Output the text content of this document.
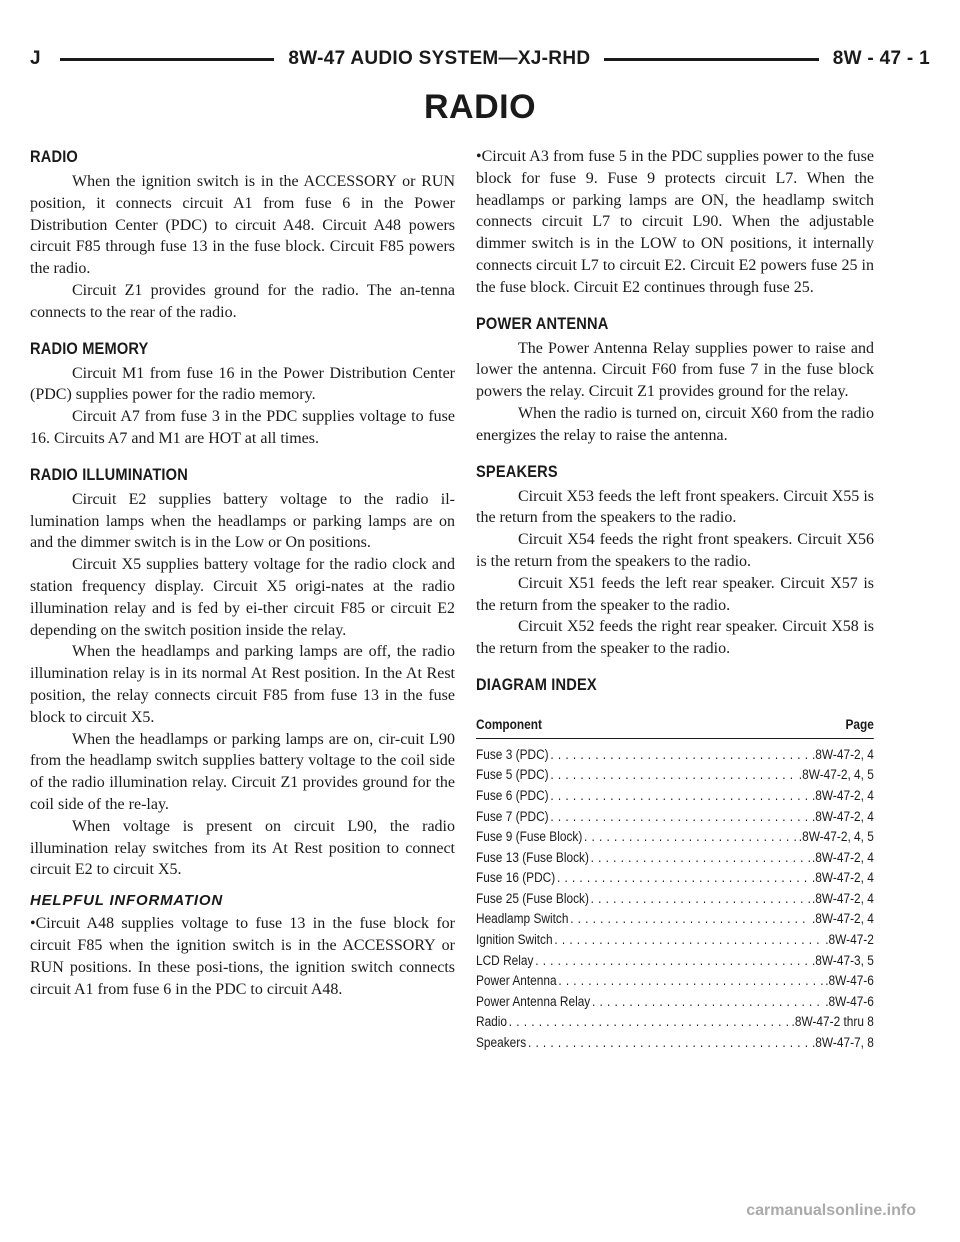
J	8W-47 AUDIO SYSTEM—XJ-RHD	8W - 47 - 1
RADIO
RADIO

When the ignition switch is in the ACCESSORY or RUN position, it connects circuit A1 from fuse 6 in the Power Distribution Center (PDC) to circuit A48. Circuit A48 powers circuit F85 through fuse 13 in the fuse block. Circuit F85 powers the radio.

Circuit Z1 provides ground for the radio. The an-tenna connects to the rear of the radio.

RADIO MEMORY

Circuit M1 from fuse 16 in the Power Distribution Center (PDC) supplies power for the radio memory.

Circuit A7 from fuse 3 in the PDC supplies voltage to fuse 16. Circuits A7 and M1 are HOT at all times.

RADIO ILLUMINATION

Circuit E2 supplies battery voltage to the radio il-lumination lamps when the headlamps or parking lamps are on and the dimmer switch is in the Low or On positions.

Circuit X5 supplies battery voltage for the radio clock and station frequency display. Circuit X5 origi-nates at the radio illumination relay and is fed by ei-ther circuit F85 or circuit E2 depending on the switch position inside the relay.

When the headlamps and parking lamps are off, the radio illumination relay is in its normal At Rest position. In the At Rest position, the relay connects circuit F85 from fuse 13 in the fuse block to circuit X5.

When the headlamps or parking lamps are on, cir-cuit L90 from the headlamp switch supplies battery voltage to the coil side of the radio illumination relay. Circuit Z1 provides ground for the coil side of the re-lay.

When voltage is present on circuit L90, the radio illumination relay switches from its At Rest position to connect circuit E2 to circuit X5.

HELPFUL INFORMATION

•Circuit A48 supplies voltage to fuse 13 in the fuse block for circuit F85 when the ignition switch is in the ACCESSORY or RUN positions. In these posi-tions, the ignition switch connects circuit A1 from fuse 6 in the PDC to circuit A48.

•Circuit A3 from fuse 5 in the PDC supplies power to the fuse block for fuse 9. Fuse 9 protects circuit L7. When the headlamps or parking lamps are ON, the headlamp switch connects circuit L7 to circuit L90. When the adjustable dimmer switch is in the LOW to ON positions, it internally connects circuit L7 to circuit E2. Circuit E2 powers fuse 25 in the fuse block. Circuit E2 continues through fuse 25.

POWER ANTENNA

The Power Antenna Relay supplies power to raise and lower the antenna. Circuit F60 from fuse 7 in the fuse block powers the relay. Circuit Z1 provides ground for the relay.

When the radio is turned on, circuit X60 from the radio energizes the relay to raise the antenna.

SPEAKERS

Circuit X53 feeds the left front speakers. Circuit X55 is the return from the speakers to the radio.

Circuit X54 feeds the right front speakers. Circuit X56 is the return from the speakers to the radio.

Circuit X51 feeds the left rear speaker. Circuit X57 is the return from the speaker to the radio.

Circuit X52 feeds the right rear speaker. Circuit X58 is the return from the speaker to the radio.

DIAGRAM INDEX
Component	Page
Fuse 3 (PDC) . . .	.8W-47-2, 4
Fuse 5 (PDC) . . .	.8W-47-2, 4, 5
Fuse 6 (PDC) . . .	.8W-47-2, 4
Fuse 7 (PDC) . . .	.8W-47-2, 4
Fuse 9 (Fuse Block) . . .	.8W-47-2, 4, 5
Fuse 13 (Fuse Block) . . .	.8W-47-2, 4
Fuse 16 (PDC) . . .	.8W-47-2, 4
Fuse 25 (Fuse Block) . . .	.8W-47-2, 4
Headlamp Switch . . .	.8W-47-2, 4
Ignition Switch . . .	.8W-47-2
LCD Relay . . .	.8W-47-3, 5
Power Antenna . . .	.8W-47-6
Power Antenna Relay . . .	.8W-47-6
Radio . . .	.8W-47-2 thru 8
Speakers . . .	.8W-47-7, 8
carmanualsonline.info
